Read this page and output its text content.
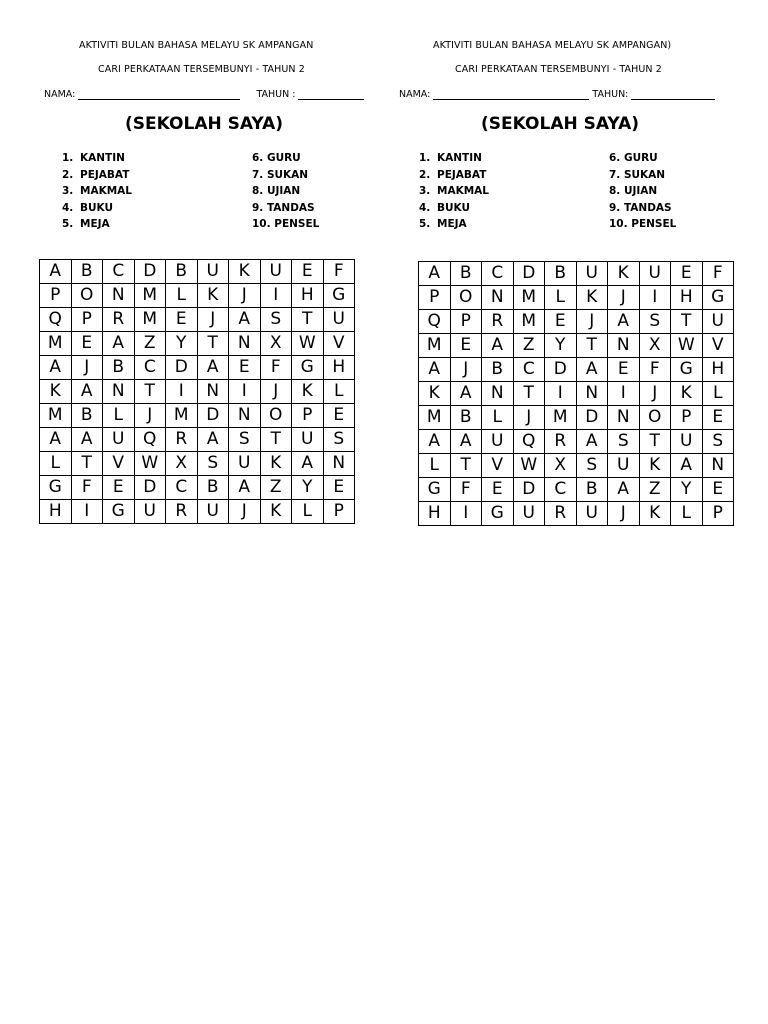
AKTIVITI BULAN BAHASA MELAYU SK AMPANGAN
CARI PERKATAAN TERSEMBUNYI - TAHUN 2
NAMA:	TAHUN :
(SEKOLAH SAYA)
1. KANTIN
2. PEJABAT
3. MAKMAL
4. BUKU
5. MEJA
6. GURU
7. SUKAN
8. UJIAN
9. TANDAS
10. PENSEL
A	B	C	D	B	U	K	U	E	F
P	O	N	M	L	K	J	I	H	G
Q	P	R	M	E	J	A	S	T	U
M	E	A	Z	Y	T	N	X	W	V
A	J	B	C	D	A	E	F	G	H
K	A	N	T	I	N	I	J	K	L
M	B	L	J	M	D	N	O	P	E
A	A	U	Q	R	A	S	T	U	S
L	T	V	W	X	S	U	K	A	N
G	F	E	D	C	B	A	Z	Y	E
H	I	G	U	R	U	J	K	L	P
AKTIVITI BULAN BAHASA MELAYU SK AMPANGAN)
CARI PERKATAAN TERSEMBUNYI - TAHUN 2
NAMA:	TAHUN:
(SEKOLAH SAYA)
1. KANTIN
2. PEJABAT
3. MAKMAL
4. BUKU
5. MEJA
6. GURU
7. SUKAN
8. UJIAN
9. TANDAS
10. PENSEL
A	B	C	D	B	U	K	U	E	F
P	O	N	M	L	K	J	I	H	G
Q	P	R	M	E	J	A	S	T	U
M	E	A	Z	Y	T	N	X	W	V
A	J	B	C	D	A	E	F	G	H
K	A	N	T	I	N	I	J	K	L
M	B	L	J	M	D	N	O	P	E
A	A	U	Q	R	A	S	T	U	S
L	T	V	W	X	S	U	K	A	N
G	F	E	D	C	B	A	Z	Y	E
H	I	G	U	R	U	J	K	L	P
